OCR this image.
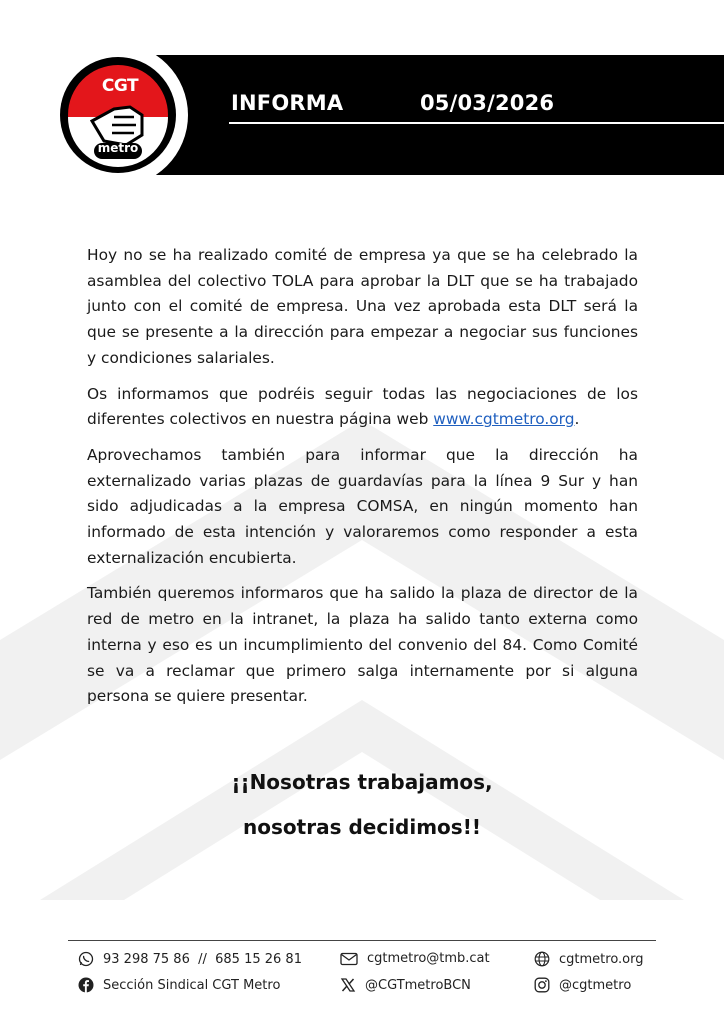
INFORMA	05/03/2026
CGT
metro

Hoy no se ha realizado comité de empresa ya que se ha celebrado la asamblea del colectivo TOLA para aprobar la DLT que se ha trabajado junto con el comité de empresa. Una vez aprobada esta DLT será la que se presente a la dirección para empezar a negociar sus funciones y condiciones salariales.

Os informamos que podréis seguir todas las negociaciones de los diferentes colectivos en nuestra página web www.cgtmetro.org.

Aprovechamos también para informar que la dirección ha externalizado varias plazas de guardavías para la línea 9 Sur y han sido adjudicadas a la empresa COMSA, en ningún momento han informado de esta intención y valoraremos como responder a esta externalización encubierta.

También queremos informaros que ha salido la plaza de director de la red de metro en la intranet, la plaza ha salido tanto externa como interna y eso es un incumplimiento del convenio del 84. Como Comité se va a reclamar que primero salga internamente por si alguna persona se quiere presentar.

¡¡Nosotras trabajamos,
nosotras decidimos!!
93 298 75 86  //  685 15 26 81
Sección Sindical CGT Metro
cgtmetro@tmb.cat
@CGTmetroBCN
cgtmetro.org
@cgtmetro
